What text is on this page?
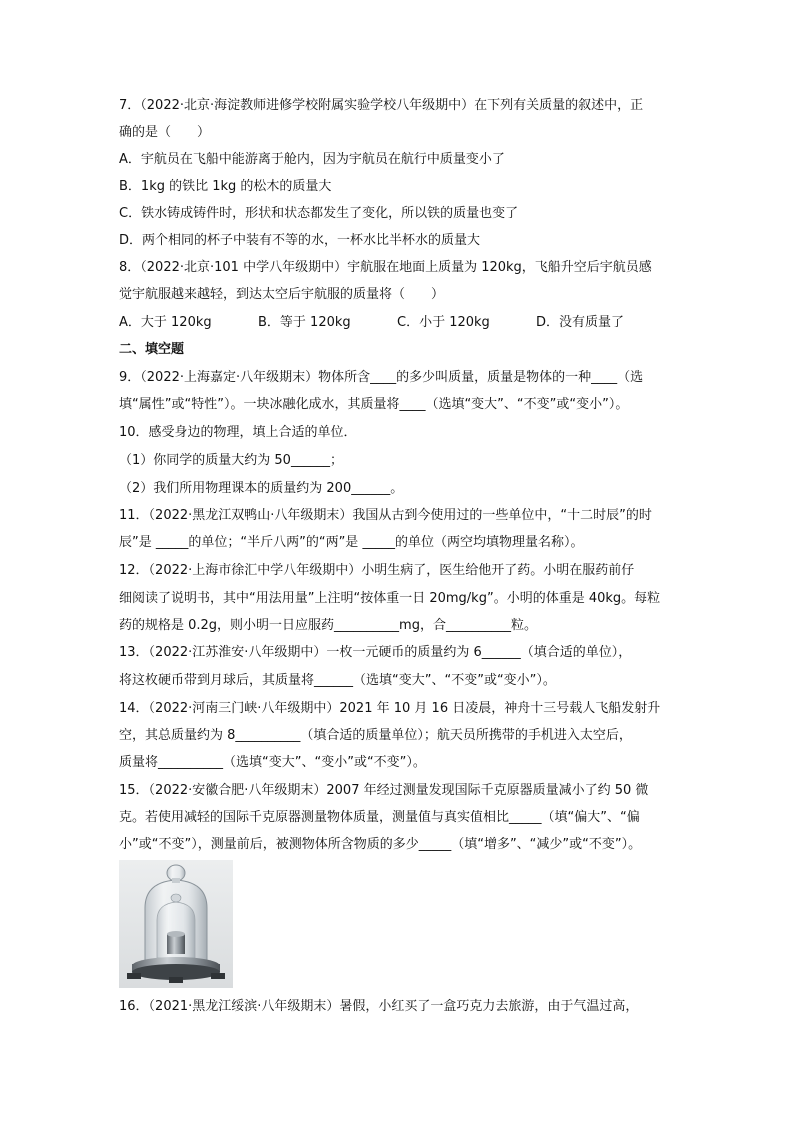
7．（2022·北京·海淀教师进修学校附属实验学校八年级期中）在下列有关质量的叙述中，正
确的是（　　）
A．宇航员在飞船中能游离于舱内，因为宇航员在航行中质量变小了
B．1kg 的铁比 1kg 的松木的质量大
C．铁水铸成铸件时，形状和状态都发生了变化，所以铁的质量也变了
D．两个相同的杯子中装有不等的水，一杯水比半杯水的质量大
8．（2022·北京·101 中学八年级期中）宇航服在地面上质量为 120kg，飞船升空后宇航员感
觉宇航服越来越轻，到达太空后宇航服的质量将（　　）
A．大于 120kg	B．等于 120kg	C．小于 120kg	D．没有质量了
二、填空题
9．（2022·上海嘉定·八年级期末）物体所含____的多少叫质量，质量是物体的一种____（选
填“属性”或“特性”）。一块冰融化成水，其质量将____（选填“变大”、“不变”或“变小”）。
10．感受身边的物理，填上合适的单位．
（1）你同学的质量大约为 50______；
（2）我们所用物理课本的质量约为 200______。
11．（2022·黑龙江双鸭山·八年级期末）我国从古到今使用过的一些单位中，“十二时辰”的时
辰”是 _____的单位；“半斤八两”的“两”是 _____的单位（两空均填物理量名称）。
12．（2022·上海市徐汇中学八年级期中）小明生病了，医生给他开了药。小明在服药前仔
细阅读了说明书，其中“用法用量”上注明“按体重一日 20mg/kg”。小明的体重是 40kg。每粒
药的规格是 0.2g，则小明一日应服药__________mg，合__________粒。
13．（2022·江苏淮安·八年级期中）一枚一元硬币的质量约为 6______（填合适的单位），
将这枚硬币带到月球后，其质量将______（选填“变大”、“不变”或“变小”）。
14．（2022·河南三门峡·八年级期中）2021 年 10 月 16 日凌晨，神舟十三号载人飞船发射升
空，其总质量约为 8__________（填合适的质量单位）；航天员所携带的手机进入太空后，
质量将__________（选填“变大”、“变小”或“不变”）。
15．（2022·安徽合肥·八年级期末）2007 年经过测量发现国际千克原器质量减小了约 50 微
克。若使用减轻的国际千克原器测量物体质量，测量值与真实值相比_____（填“偏大”、“偏
小”或“不变”），测量前后，被测物体所含物质的多少_____（填“增多”、“减少”或“不变”）。
16．（2021·黑龙江绥滨·八年级期末）暑假，小红买了一盒巧克力去旅游，由于气温过高，
